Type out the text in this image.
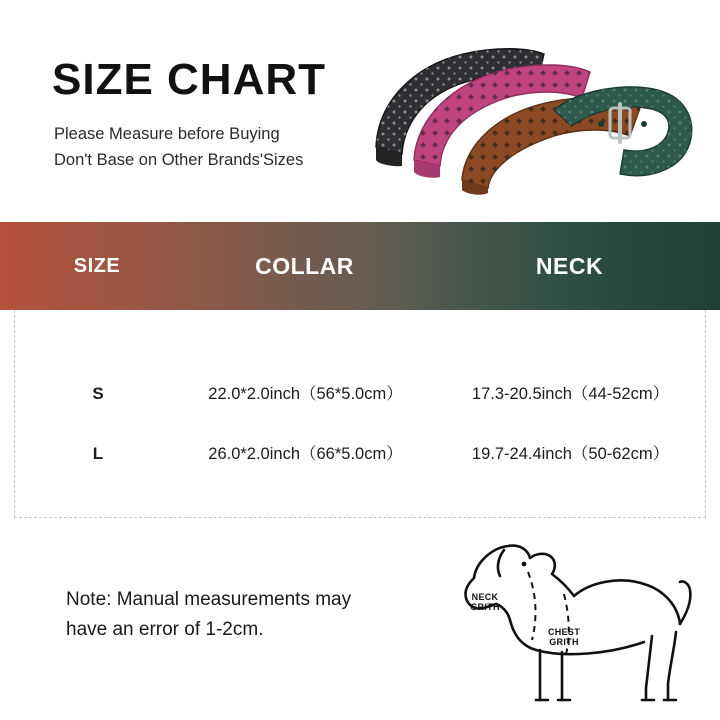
SIZE CHART
Please Measure before Buying
Don't Base on Other Brands'Sizes
SIZE	COLLAR	NECK
S	22.0*2.0inch（56*5.0cm）	17.3-20.5inch（44-52cm）
L	26.0*2.0inch（66*5.0cm）	19.7-24.4inch（50-62cm）
Note: Manual measurements may
have an error of 1-2cm.
NECK
GRITH
CHEST
GRITH
